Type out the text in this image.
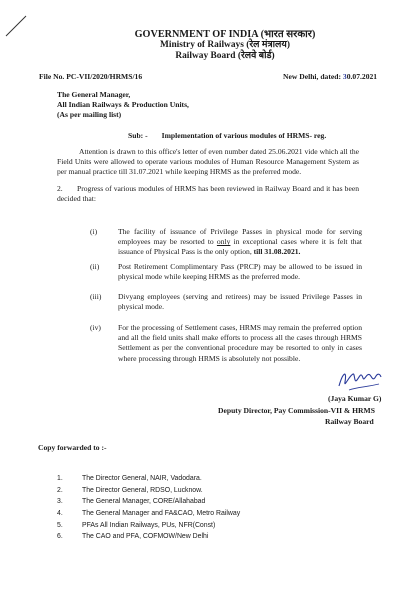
GOVERNMENT OF INDIA (भारत सरकार)
Ministry of Railways (रेल मंत्रालय)
Railway Board (रेलवे बोर्ड)
File No. PC-VII/2020/HRMS/16	New Delhi, dated: 30.07.2021
The General Manager,
All Indian Railways & Production Units,
(As per mailing list)
Sub: - Implementation of various modules of HRMS- reg.
Attention is drawn to this office's letter of even number dated 25.06.2021 vide which all the Field Units were allowed to operate various modules of Human Resource Management System as per manual practice till 31.07.2021 while keeping HRMS as the preferred mode.
2. Progress of various modules of HRMS has been reviewed in Railway Board and it has been decided that:
(i)	The facility of issuance of Privilege Passes in physical mode for serving employees may be resorted to only in exceptional cases where it is felt that issuance of Physical Pass is the only option, till 31.08.2021.
(ii) Post Retirement Complimentary Pass (PRCP) may be allowed to be issued in physical mode while keeping HRMS as the preferred mode.
(iii) Divyang employees (serving and retirees) may be issued Privilege Passes in physical mode.
(iv) For the processing of Settlement cases, HRMS may remain the preferred option and all the field units shall make efforts to process all the cases through HRMS Settlement as per the conventional procedure may be resorted to only in cases where processing through HRMS is absolutely not possible.
(Jaya Kumar G)
Deputy Director, Pay Commission-VII & HRMS
Railway Board
Copy forwarded to :-
1.	The Director General, NAIR, Vadodara.
2.	The Director General, RDSO, Lucknow.
3.	The General Manager, CORE/Allahabad
4.	The General Manager and FA&CAO, Metro Railway
5.	PFAs All Indian Railways, PUs, NFR(Const)
6.	The CAO and PFA, COFMOW/New Delhi
